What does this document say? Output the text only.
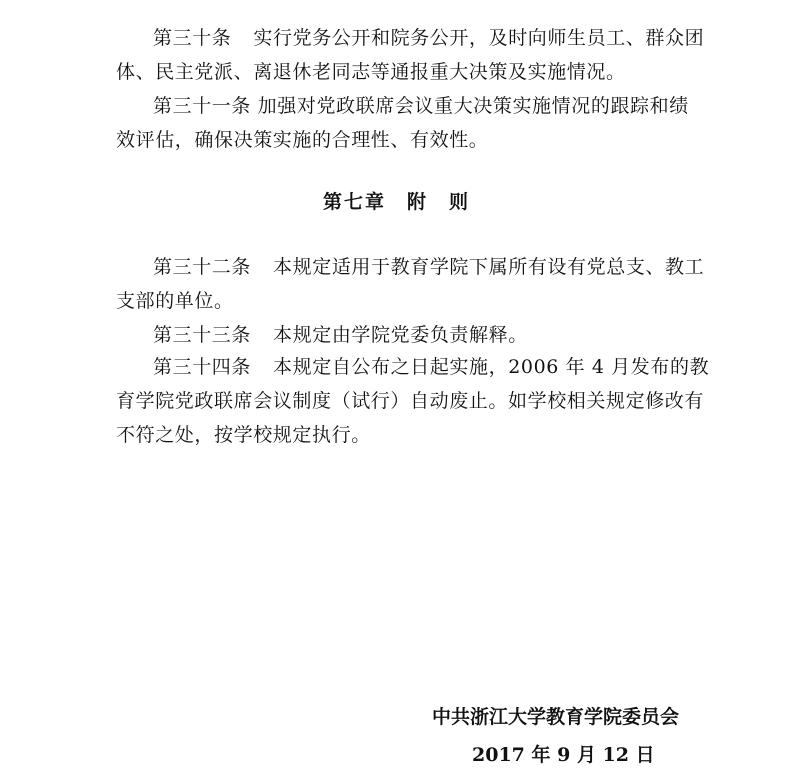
第三十条 实行党务公开和院务公开，及时向师生员工、群众团
体、民主党派、离退休老同志等通报重大决策及实施情况。
第三十一条 加强对党政联席会议重大决策实施情况的跟踪和绩
效评估，确保决策实施的合理性、有效性。
第七章　附　则
第三十二条 本规定适用于教育学院下属所有设有党总支、教工
支部的单位。
第三十三条 本规定由学院党委负责解释。
第三十四条 本规定自公布之日起实施，2006 年 4 月发布的教
育学院党政联席会议制度（试行）自动废止。如学校相关规定修改有
不符之处，按学校规定执行。
中共浙江大学教育学院委员会
2017 年 9 月 12 日
